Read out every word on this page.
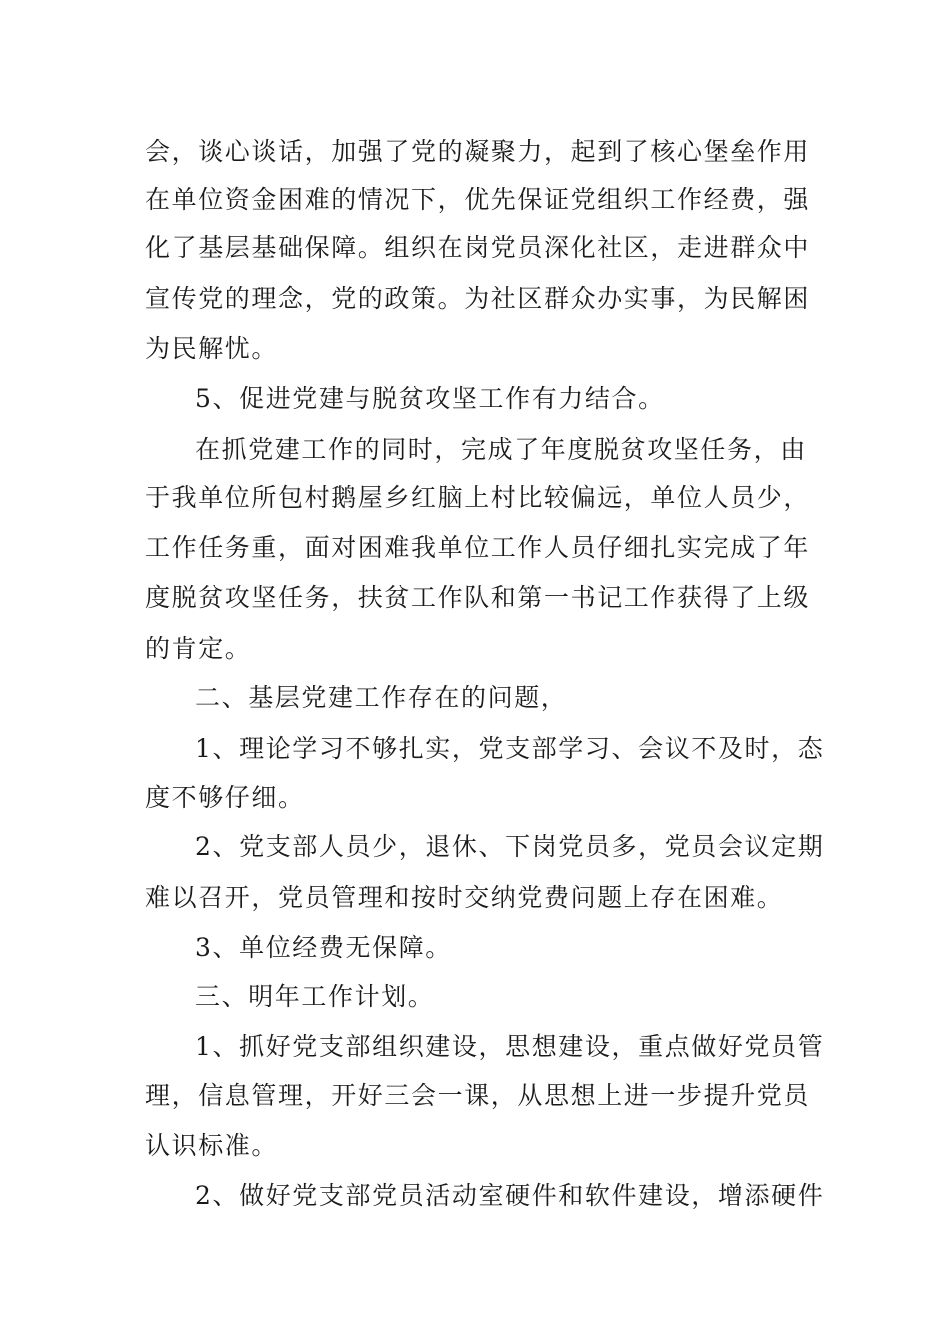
会，谈心谈话，加强了党的凝聚力，起到了核心堡垒作用
在单位资金困难的情况下，优先保证党组织工作经费，强
化了基层基础保障。组织在岗党员深化社区，走进群众中
宣传党的理念，党的政策。为社区群众办实事，为民解困
为民解忧。
5、促进党建与脱贫攻坚工作有力结合。
在抓党建工作的同时，完成了年度脱贫攻坚任务，由
于我单位所包村鹅屋乡红脑上村比较偏远，单位人员少，
工作任务重，面对困难我单位工作人员仔细扎实完成了年
度脱贫攻坚任务，扶贫工作队和第一书记工作获得了上级
的肯定。
二、基层党建工作存在的问题，
1、理论学习不够扎实，党支部学习、会议不及时，态
度不够仔细。
2、党支部人员少，退休、下岗党员多，党员会议定期
难以召开，党员管理和按时交纳党费问题上存在困难。
3、单位经费无保障。
三、明年工作计划。
1、抓好党支部组织建设，思想建设，重点做好党员管
理，信息管理，开好三会一课，从思想上进一步提升党员
认识标准。
2、做好党支部党员活动室硬件和软件建设，增添硬件
